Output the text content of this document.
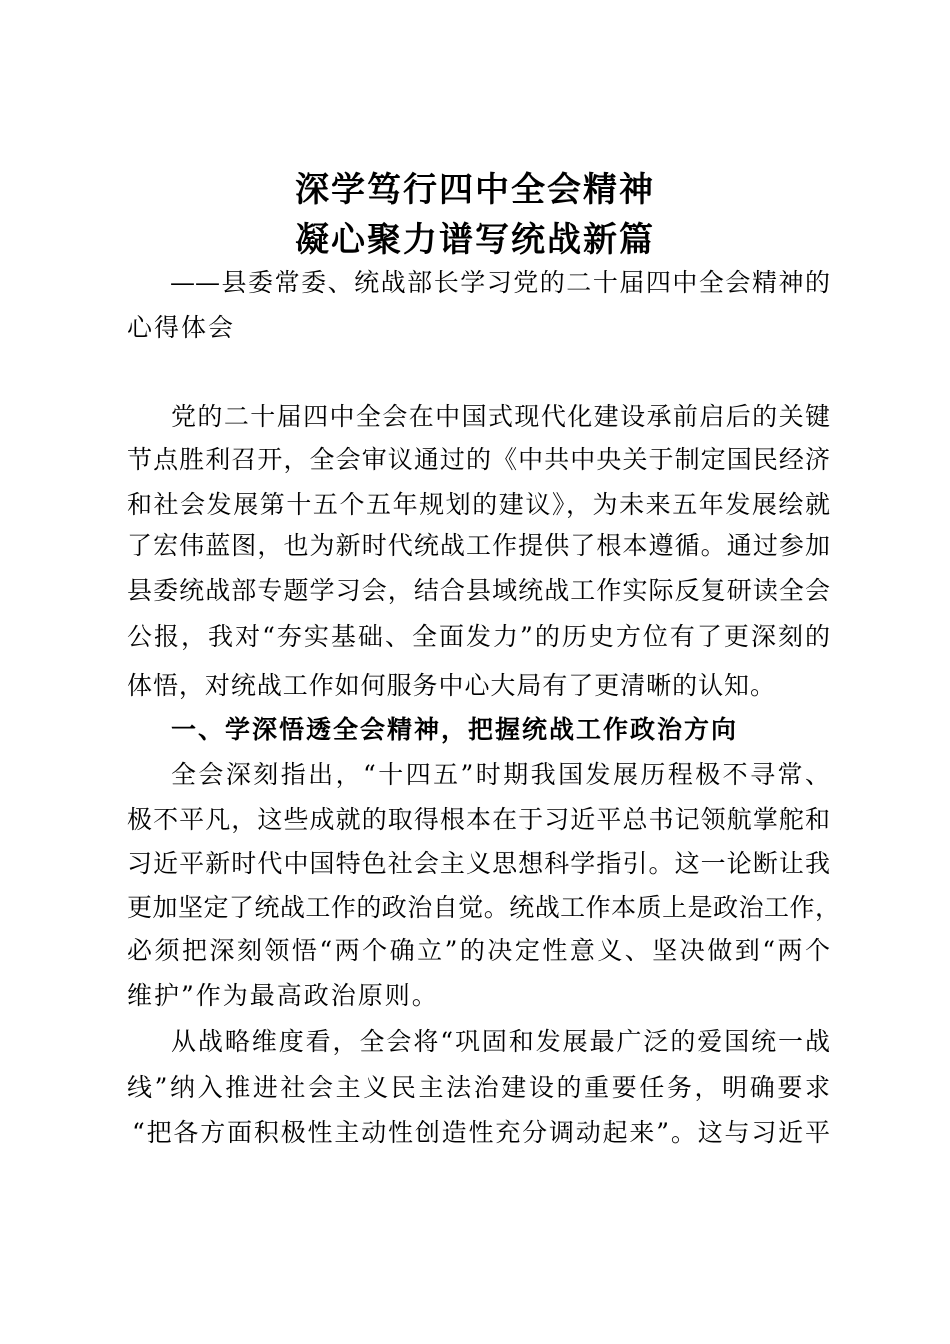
深学笃行四中全会精神
凝心聚力谱写统战新篇
——县委常委、统战部长学习党的二十届四中全会精神的
心得体会
党的二十届四中全会在中国式现代化建设承前启后的关键
节点胜利召开，全会审议通过的《中共中央关于制定国民经济
和社会发展第十五个五年规划的建议》，为未来五年发展绘就
了宏伟蓝图，也为新时代统战工作提供了根本遵循。通过参加
县委统战部专题学习会，结合县域统战工作实际反复研读全会
公报，我对“夯实基础、全面发力”的历史方位有了更深刻的
体悟，对统战工作如何服务中心大局有了更清晰的认知。
一、学深悟透全会精神，把握统战工作政治方向
全会深刻指出，“十四五”时期我国发展历程极不寻常、
极不平凡，这些成就的取得根本在于习近平总书记领航掌舵和
习近平新时代中国特色社会主义思想科学指引。这一论断让我
更加坚定了统战工作的政治自觉。统战工作本质上是政治工作，
必须把深刻领悟“两个确立”的决定性意义、坚决做到“两个
维护”作为最高政治原则。
从战略维度看，全会将“巩固和发展最广泛的爱国统一战
线”纳入推进社会主义民主法治建设的重要任务，明确要求
“把各方面积极性主动性创造性充分调动起来”。这与习近平
